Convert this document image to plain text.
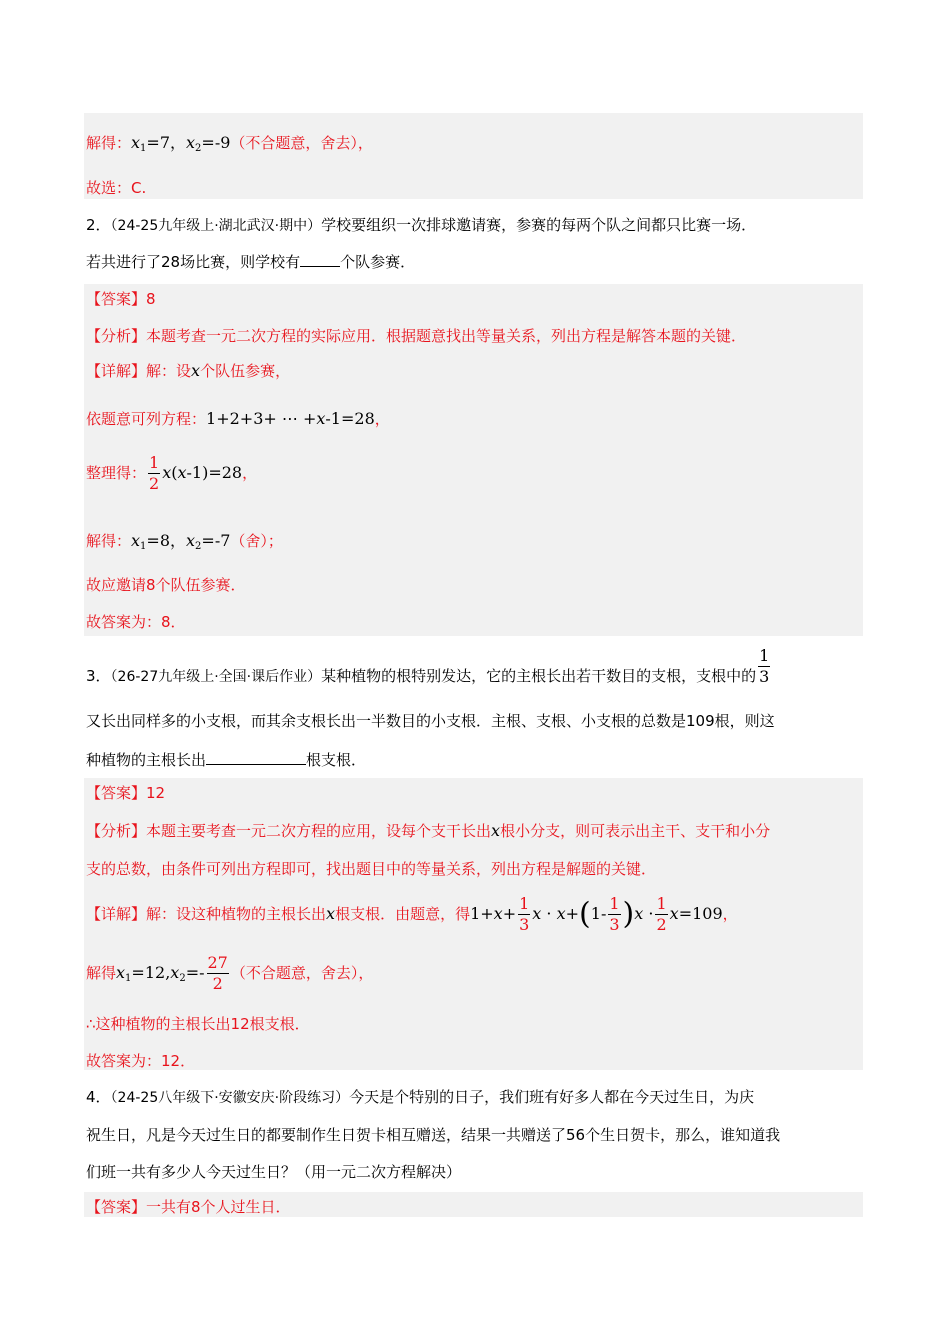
解得：$x_1=7$，$x_2=-9$（不合题意，舍去），
故选：C.
2．（24-25九年级上·湖北武汉·期中）学校要组织一次排球邀请赛，参赛的每两个队之间都只比赛一场．
若共进行了28场比赛，则学校有	个队参赛．
【答案】8
【分析】本题考查一元二次方程的实际应用．根据题意找出等量关系，列出方程是解答本题的关键．
【详解】解：设x个队伍参赛，
依题意可列方程：1+2+3+ ⋯ +x-1=28，
整理得： $\frac{1}{2} x(x-1)=28$，
解得：$x_1=8$，$x_2=-7$（舍）；
故应邀请8个队伍参赛．
故答案为：8．
3．（26-27九年级上·全国·课后作业）某种植物的根特别发达，它的主根长出若干数目的支根，支根中的 $\frac{1}{3}$
又长出同样多的小支根，而其余支根长出一半数目的小支根．主根、支根、小支根的总数是109根，则这
种植物的主根长出	根支根．
【答案】12
【分析】本题主要考查一元二次方程的应用，设每个支干长出x根小分支，则可表示出主干、支干和小分
支的总数，由条件可列出方程即可，找出题目中的等量关系，列出方程是解题的关键．
【详解】解：设这种植物的主根长出x根支根．由题意，得$1+x+ \frac{1}{3}$ $x \cdot x+(1- \frac{1}{3} )x \cdot \frac{1}{2} x=109$，
解得$x_1=12,x_2=- \frac{27}{2}$ （不合题意，舍去），
∴这种植物的主根长出12根支根．
故答案为：12．
4．（24-25八年级下·安徽安庆·阶段练习）今天是个特别的日子，我们班有好多人都在今天过生日，为庆
祝生日，凡是今天过生日的都要制作生日贺卡相互赠送，结果一共赠送了56个生日贺卡，那么，谁知道我
们班一共有多少人今天过生日？（用一元二次方程解决）
【答案】一共有8个人过生日．
